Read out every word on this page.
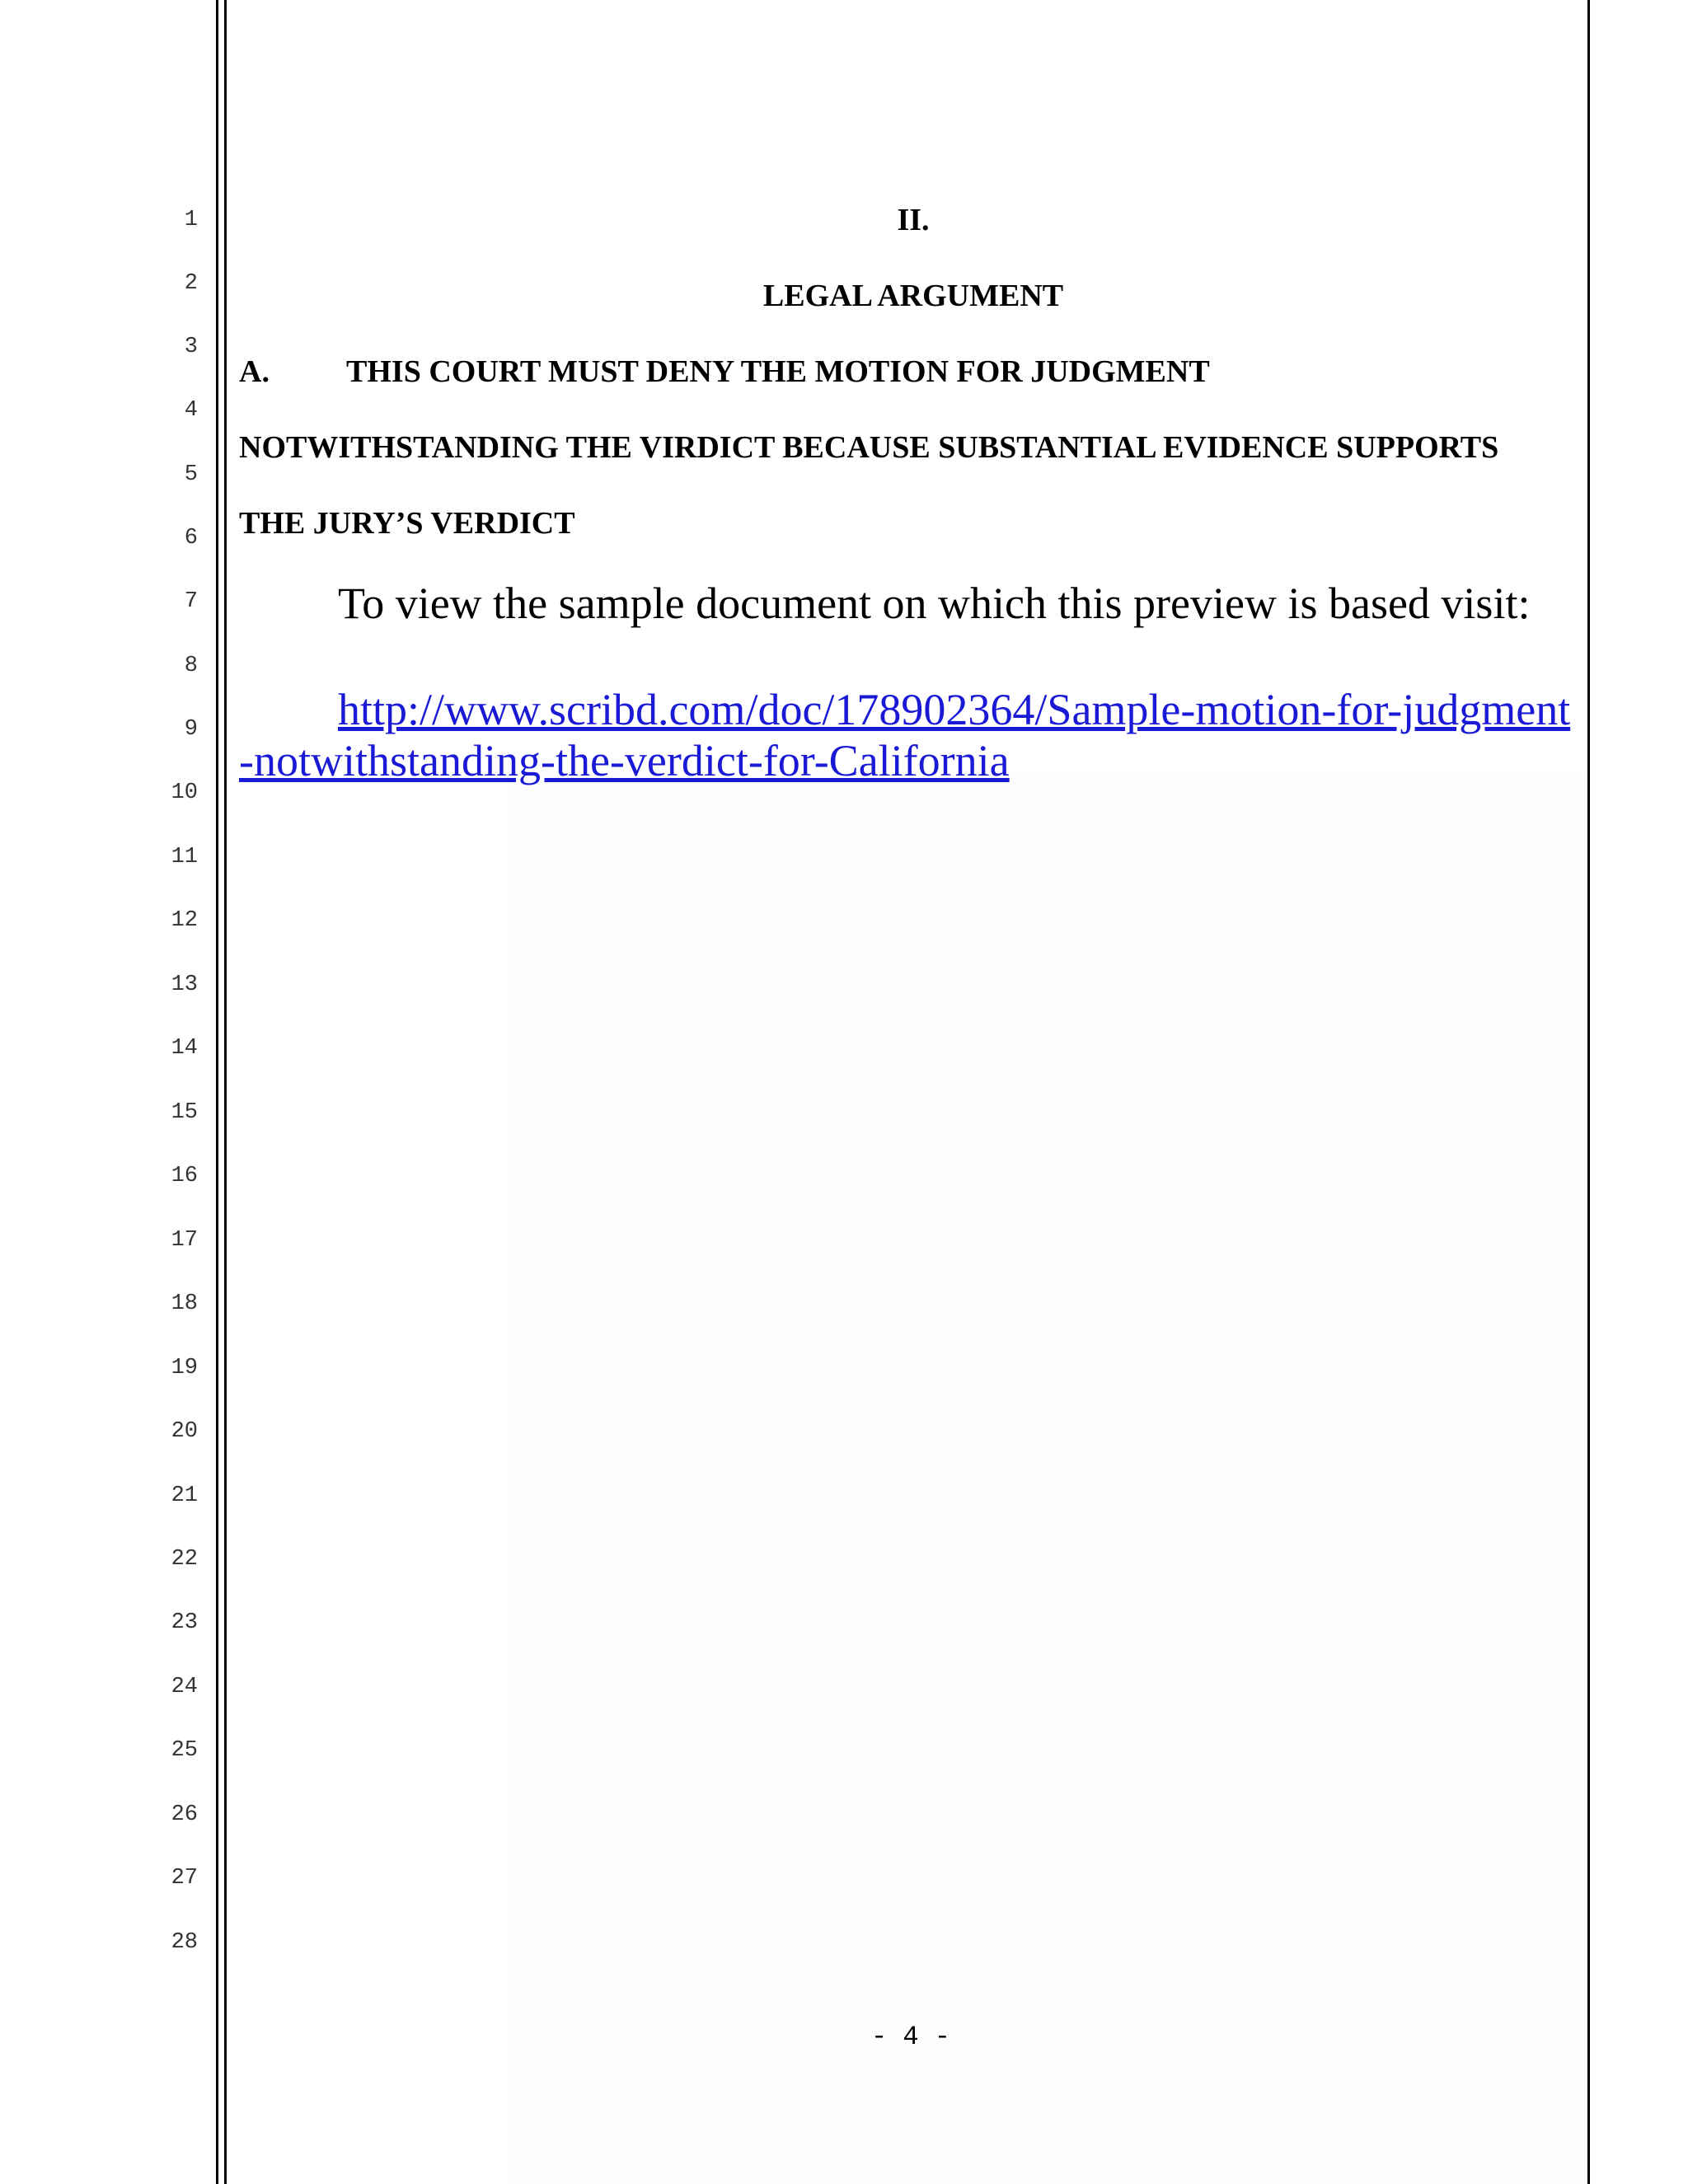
1
2
3
4
5
6
7
8
9
10
11
12
13
14
15
16
17
18
19
20
21
22
23
24
25
26
27
28
II.
LEGAL ARGUMENT
A. THIS COURT MUST DENY THE MOTION FOR JUDGMENT
NOTWITHSTANDING THE VIRDICT BECAUSE SUBSTANTIAL EVIDENCE SUPPORTS
THE JURY’S VERDICT
To view the sample document on which this preview is based visit:
http://www.scribd.com/doc/178902364/Sample-motion-for-judgment-notwithstanding-the-verdict-for-California
- 4 -
